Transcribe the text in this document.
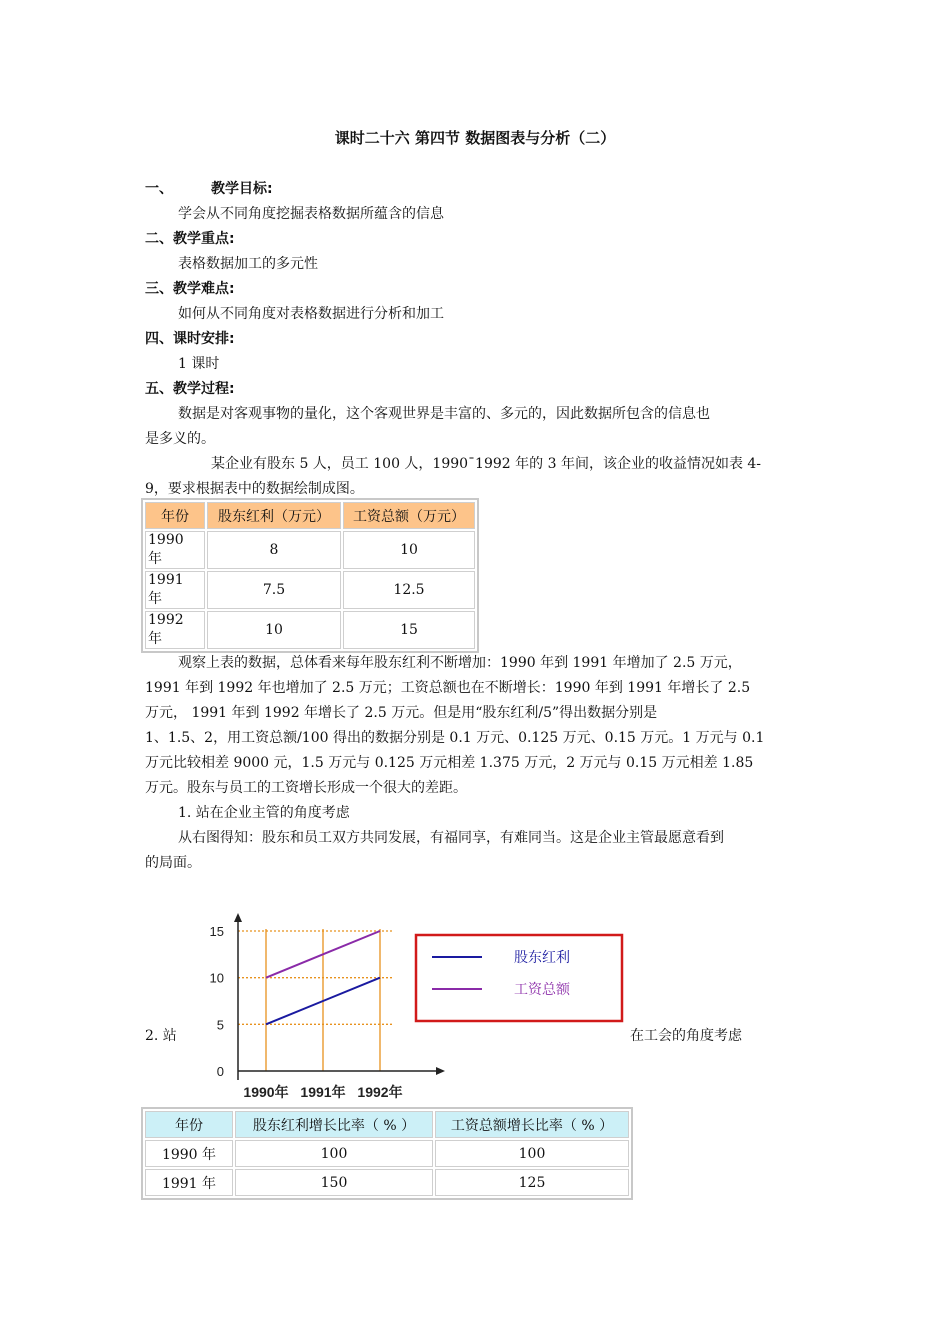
课时二十六 第四节 数据图表与分析（二）
一、	教学目标:
学会从不同角度挖掘表格数据所蕴含的信息
二、教学重点:
表格数据加工的多元性
三、教学难点:
如何从不同角度对表格数据进行分析和加工
四、课时安排:
1 课时
五、教学过程:
数据是对客观事物的量化，这个客观世界是丰富的、多元的，因此数据所包含的信息也
是多义的。
某企业有股东 5 人，员工 100 人，1990¯1992 年的 3 年间，该企业的收益情况如表 4-
9，要求根据表中的数据绘制成图。
年份	股东红利（万元）	工资总额（万元）
1990 年	8	10
1991 年	7.5	12.5
1992 年	10	15
观察上表的数据，总体看来每年股东红利不断增加：1990 年到 1991 年增加了 2.5 万元，
1991 年到 1992 年也增加了 2.5 万元；工资总额也在不断增长：1990 年到 1991 年增长了 2.5
万元， 1991 年到 1992 年增长了 2.5 万元。但是用“股东红利/5”得出数据分别是
1、1.5、2，用工资总额/100 得出的数据分别是 0.1 万元、0.125 万元、0.15 万元。1 万元与 0.1
万元比较相差 9000 元，1.5 万元与 0.125 万元相差 1.375 万元，2 万元与 0.15 万元相差 1.85
万元。股东与员工的工资增长形成一个很大的差距。
1. 站在企业主管的角度考虑
从右图得知：股东和员工双方共同发展，有福同享，有难同当。这是企业主管最愿意看到
的局面。
2. 站	在工会的角度考虑
0
5
10
15
1990年 1991年 1992年
股东红利
工资总额
年份	股东红利增长比率（ % ）	工资总额增长比率（ % ）
1990 年	100	100
1991 年	150	125
